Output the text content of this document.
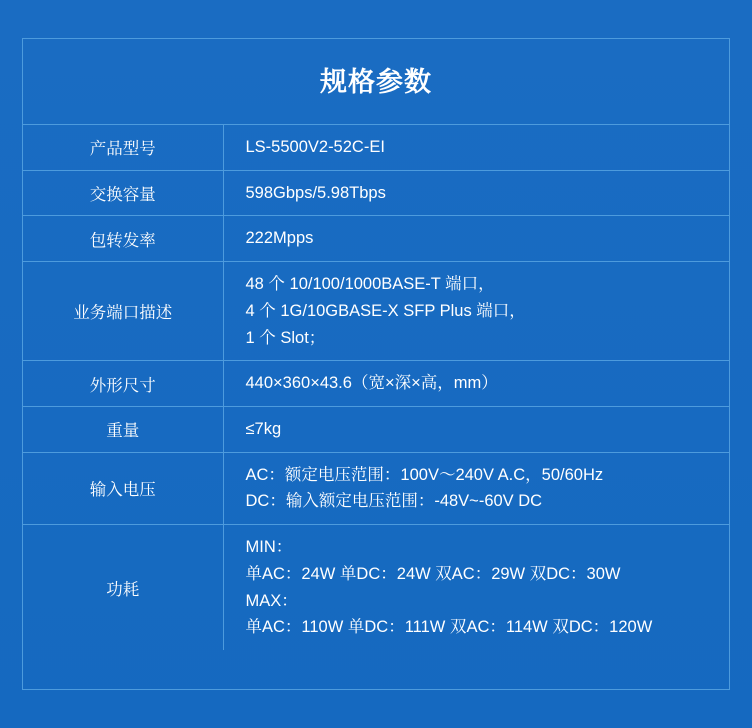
规格参数
产品型号	LS-5500V2-52C-EI

交换容量	598Gbps/5.98Tbps

包转发率	222Mpps

业务端口描述	48 个 10/100/1000BASE-T 端口，
4 个 1G/10GBASE-X SFP Plus 端口，
1 个 Slot；

外形尺寸	440×360×43.6（宽×深×高，mm）

重量	≤7kg

输入电压	AC：额定电压范围：100V～240V A.C，50/60Hz
DC：输入额定电压范围：-48V~-60V DC

功耗	MIN：
单AC：24W 单DC：24W 双AC：29W 双DC：30W
MAX：
单AC：110W 单DC：111W 双AC：114W 双DC：120W
